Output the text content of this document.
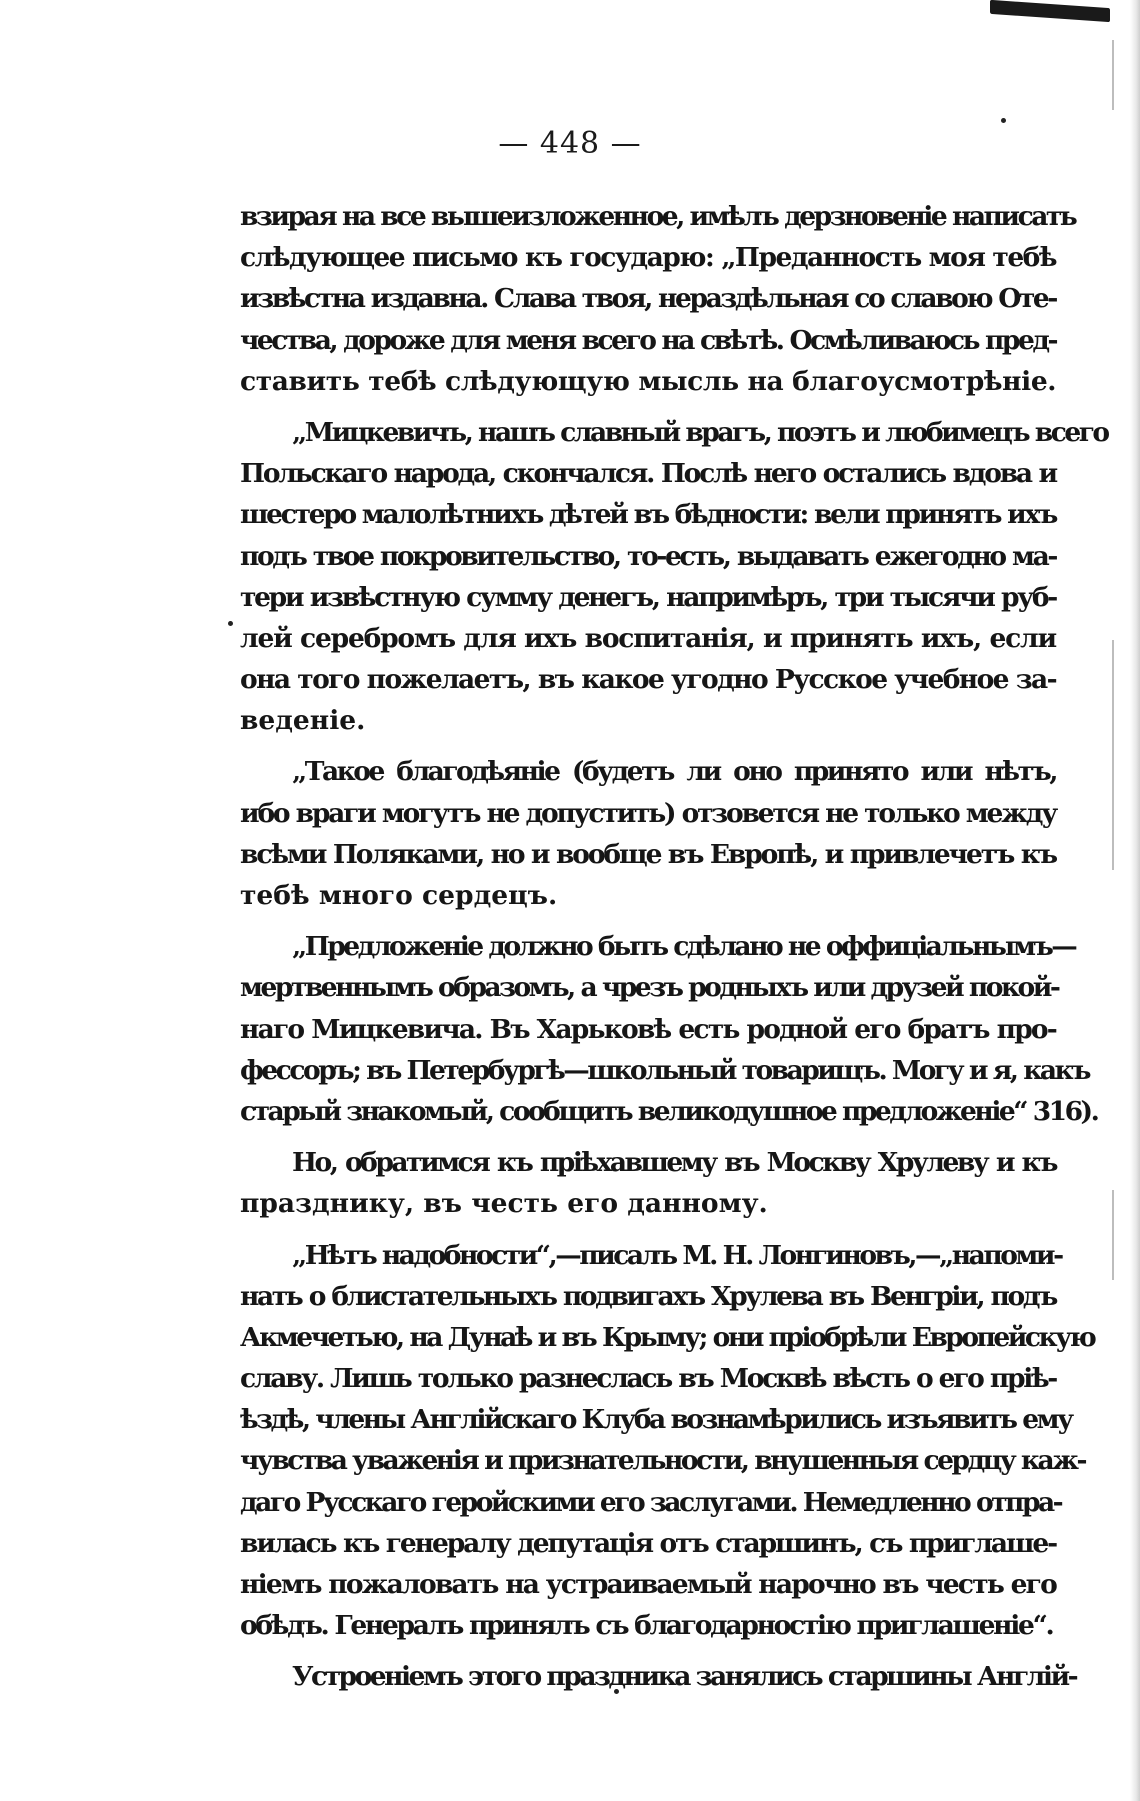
— 448 —

взирая на все вышеизложенное, имѣлъ дерзновеніе написать
слѣдующее письмо къ государю: „Преданность моя тебѣ
извѣстна издавна. Слава твоя, нераздѣльная со славою Оте-
чества, дороже для меня всего на свѣтѣ. Осмѣливаюсь пред-
ставить тебѣ слѣдующую мысль на благоусмотрѣніе.

„Мицкевичъ, нашъ славный врагъ, поэтъ и любимецъ всего
Польскаго народа, скончался. Послѣ него остались вдова и
шестеро малолѣтнихъ дѣтей въ бѣдности: вели принять ихъ
подъ твое покровительство, то-есть, выдавать ежегодно ма-
тери извѣстную сумму денегъ, напримѣръ, три тысячи руб-
лей серебромъ для ихъ воспитанія, и принять ихъ, если
она того пожелаетъ, въ какое угодно Русское учебное за-
веденіе.

„Такое благодѣяніе (будетъ ли оно принято или нѣтъ,
ибо враги могутъ не допустить) отзовется не только между
всѣми Поляками, но и вообще въ Европѣ, и привлечетъ къ
тебѣ много сердецъ.

„Предложеніе должно быть сдѣлано не оффиціальнымъ—
мертвеннымъ образомъ, а чрезъ родныхъ или друзей покой-
наго Мицкевича. Въ Харьковѣ есть родной его братъ про-
фессоръ; въ Петербургѣ—школьный товарищъ. Могу и я, какъ
старый знакомый, сообщить великодушное предложеніе“ 316).

Но, обратимся къ пріѣхавшему въ Москву Хрулеву и къ
празднику, въ честь его данному.

„Нѣтъ надобности“,—писалъ М. Н. Лонгиновъ,—„напоми-
нать о блистательныхъ подвигахъ Хрулева въ Венгріи, подъ
Акмечетью, на Дунаѣ и въ Крыму; они пріобрѣли Европейскую
славу. Лишь только разнеслась въ Москвѣ вѣсть о его пріѣ-
ѣздѣ, члены Англійскаго Клуба вознамѣрились изъявить ему
чувства уваженія и признательности, внушенныя сердцу каж-
даго Русскаго геройскими его заслугами. Немедленно отпра-
вилась къ генералу депутація отъ старшинъ, съ приглаше-
ніемъ пожаловать на устраиваемый нарочно въ честь его
обѣдъ. Генералъ принялъ съ благодарностію приглашеніе“.

Устроеніемъ этого праздника занялись старшины Англій-
